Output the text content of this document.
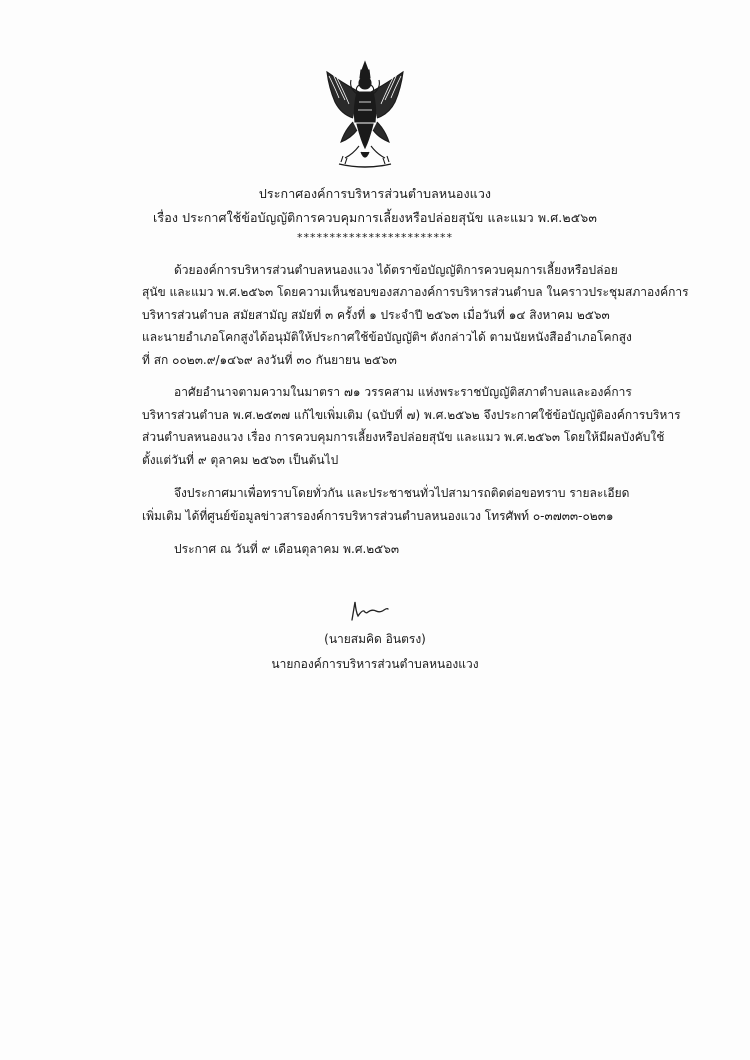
ประกาศองค์การบริหารส่วนตำบลหนองแวง
เรื่อง ประกาศใช้ข้อบัญญัติการควบคุมการเลี้ยงหรือปล่อยสุนัข และแมว พ.ศ.๒๕๖๓
************************
ด้วยองค์การบริหารส่วนตำบลหนองแวง ได้ตราข้อบัญญัติการควบคุมการเลี้ยงหรือปล่อย
สุนัข และแมว พ.ศ.๒๕๖๓ โดยความเห็นชอบของสภาองค์การบริหารส่วนตำบล ในคราวประชุมสภาองค์การ
บริหารส่วนตำบล สมัยสามัญ สมัยที่ ๓ ครั้งที่ ๑ ประจำปี ๒๕๖๓ เมื่อวันที่ ๑๔ สิงหาคม ๒๕๖๓
และนายอำเภอโคกสูงได้อนุมัติให้ประกาศใช้ข้อบัญญัติฯ ดังกล่าวได้ ตามนัยหนังสืออำเภอโคกสูง
ที่ สก ๐๐๒๓.๙/๑๔๖๙ ลงวันที่ ๓๐ กันยายน ๒๕๖๓
อาศัยอำนาจตามความในมาตรา ๗๑ วรรคสาม แห่งพระราชบัญญัติสภาตำบลและองค์การ
บริหารส่วนตำบล พ.ศ.๒๕๓๗ แก้ไขเพิ่มเติม (ฉบับที่ ๗) พ.ศ.๒๕๖๒ จึงประกาศใช้ข้อบัญญัติองค์การบริหาร
ส่วนตำบลหนองแวง เรื่อง การควบคุมการเลี้ยงหรือปล่อยสุนัข และแมว พ.ศ.๒๕๖๓ โดยให้มีผลบังคับใช้
ตั้งแต่วันที่ ๙ ตุลาคม ๒๕๖๓ เป็นต้นไป
จึงประกาศมาเพื่อทราบโดยทั่วกัน และประชาชนทั่วไปสามารถติดต่อขอทราบ รายละเอียด
เพิ่มเติม ได้ที่ศูนย์ข้อมูลข่าวสารองค์การบริหารส่วนตำบลหนองแวง โทรศัพท์ ๐-๓๗๓๓-๐๒๓๑
ประกาศ ณ วันที่ ๙ เดือนตุลาคม พ.ศ.๒๕๖๓
(นายสมคิด อินตรง)
นายกองค์การบริหารส่วนตำบลหนองแวง
